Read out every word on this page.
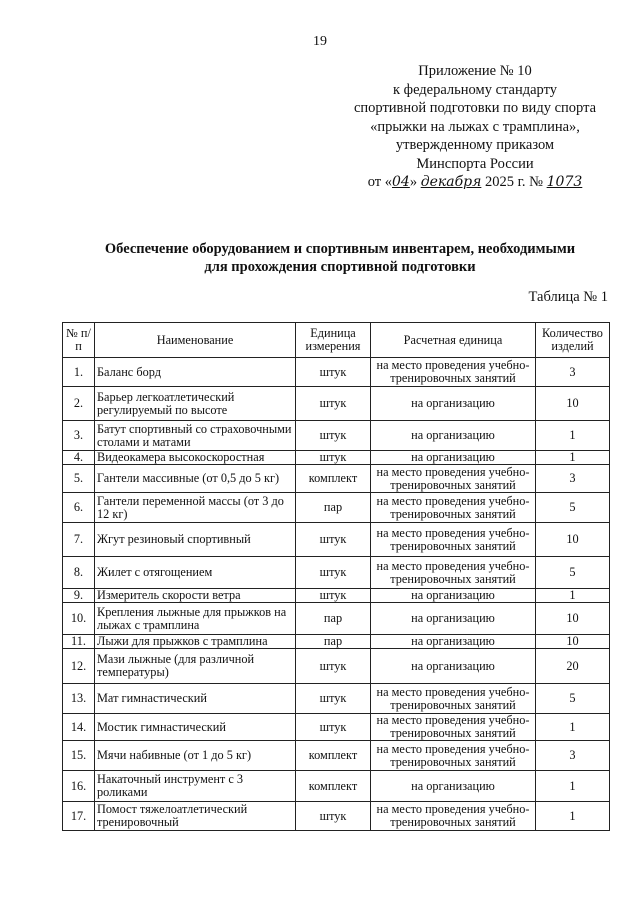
19
Приложение № 10
к федеральному стандарту
спортивной подготовки по виду спорта
«прыжки на лыжах с трамплина»,
утвержденному приказом
Минспорта России
от «04» декабря 2025 г. № 1073
Обеспечение оборудованием и спортивным инвентарем, необходимыми
для прохождения спортивной подготовки
Таблица № 1
№ п/п	Наименование	Единица измерения	Расчетная единица	Количество изделий
1.	Баланс борд	штук	на место проведения учебно-тренировочных занятий	3
2.	Барьер легкоатлетический регулируемый по высоте	штук	на организацию	10
3.	Батут спортивный со страховочными столами и матами	штук	на организацию	1
4.	Видеокамера высокоскоростная	штук	на организацию	1
5.	Гантели массивные (от 0,5 до 5 кг)	комплект	на место проведения учебно-тренировочных занятий	3
6.	Гантели переменной массы (от 3 до 12 кг)	пар	на место проведения учебно-тренировочных занятий	5
7.	Жгут резиновый спортивный	штук	на место проведения учебно-тренировочных занятий	10
8.	Жилет с отягощением	штук	на место проведения учебно-тренировочных занятий	5
9.	Измеритель скорости ветра	штук	на организацию	1
10.	Крепления лыжные для прыжков на лыжах с трамплина	пар	на организацию	10
11.	Лыжи для прыжков с трамплина	пар	на организацию	10
12.	Мази лыжные (для различной температуры)	штук	на организацию	20
13.	Мат гимнастический	штук	на место проведения учебно-тренировочных занятий	5
14.	Мостик гимнастический	штук	на место проведения учебно-тренировочных занятий	1
15.	Мячи набивные (от 1 до 5 кг)	комплект	на место проведения учебно-тренировочных занятий	3
16.	Накаточный инструмент с 3 роликами	комплект	на организацию	1
17.	Помост тяжелоатлетический тренировочный	штук	на место проведения учебно-тренировочных занятий	1
